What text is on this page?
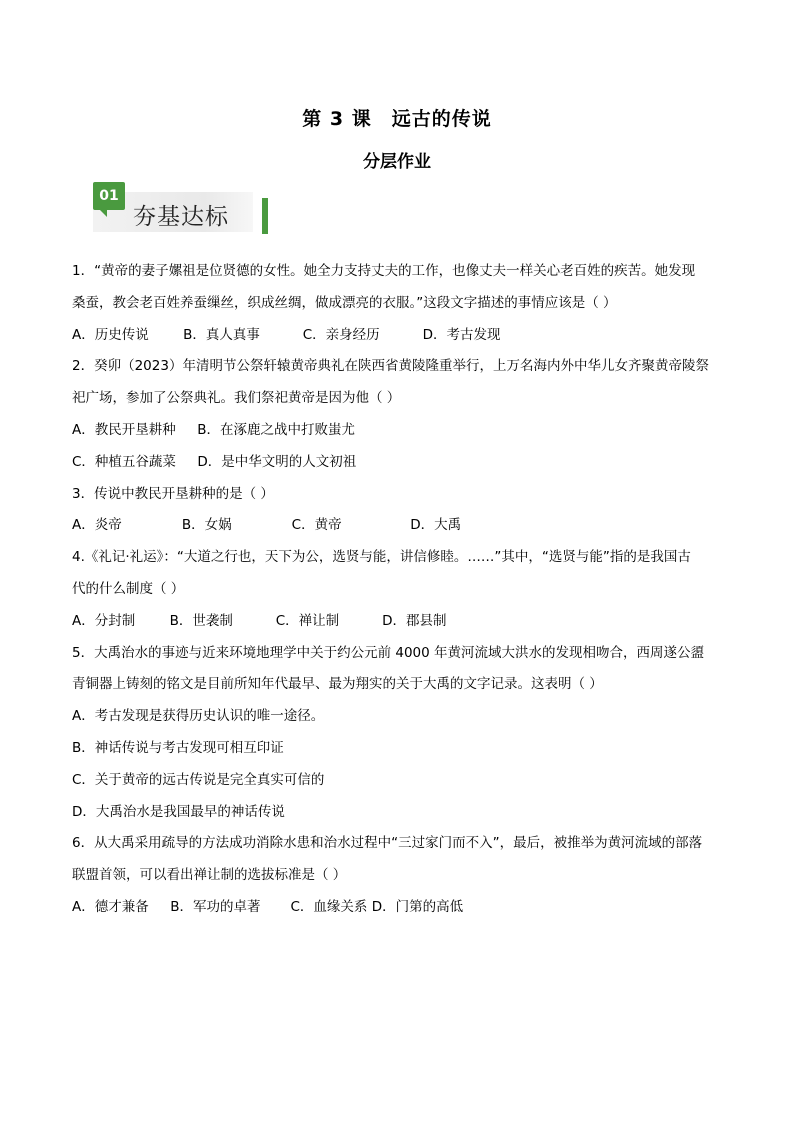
第 3 课　远古的传说
分层作业
01
夯基达标
1．“黄帝的妻子嫘祖是位贤德的女性。她全力支持丈夫的工作，也像丈夫一样关心老百姓的疾苦。她发现
桑蚕，教会老百姓养蚕缫丝，织成丝绸，做成漂亮的衣服。”这段文字描述的事情应该是（ ）
A．历史传说        B．真人真事          C．亲身经历          D．考古发现
2．癸卯（2023）年清明节公祭轩辕黄帝典礼在陕西省黄陵隆重举行，上万名海内外中华儿女齐聚黄帝陵祭
祀广场，参加了公祭典礼。我们祭祀黄帝是因为他（ ）
A．教民开垦耕种     B．在涿鹿之战中打败蚩尤
C．种植五谷蔬菜     D．是中华文明的人文初祖
3．传说中教民开垦耕种的是（ ）
A．炎帝              B．女娲              C．黄帝                D．大禹
4.《礼记·礼运》：“大道之行也，天下为公，选贤与能，讲信修睦。……”其中，“选贤与能”指的是我国古
代的什么制度（ ）
A．分封制        B．世袭制          C．禅让制          D．郡县制
5．大禹治水的事迹与近来环境地理学中关于约公元前 4000 年黄河流域大洪水的发现相吻合，西周遂公盨
青铜器上铸刻的铭文是目前所知年代最早、最为翔实的关于大禹的文字记录。这表明（ ）
A．考古发现是获得历史认识的唯一途径。
B．神话传说与考古发现可相互印证
C．关于黄帝的远古传说是完全真实可信的
D．大禹治水是我国最早的神话传说
6．从大禹采用疏导的方法成功消除水患和治水过程中“三过家门而不入”，最后，被推举为黄河流域的部落
联盟首领，可以看出禅让制的选拔标准是（ ）
A．德才兼备     B．军功的卓著       C．血缘关系 D．门第的高低
